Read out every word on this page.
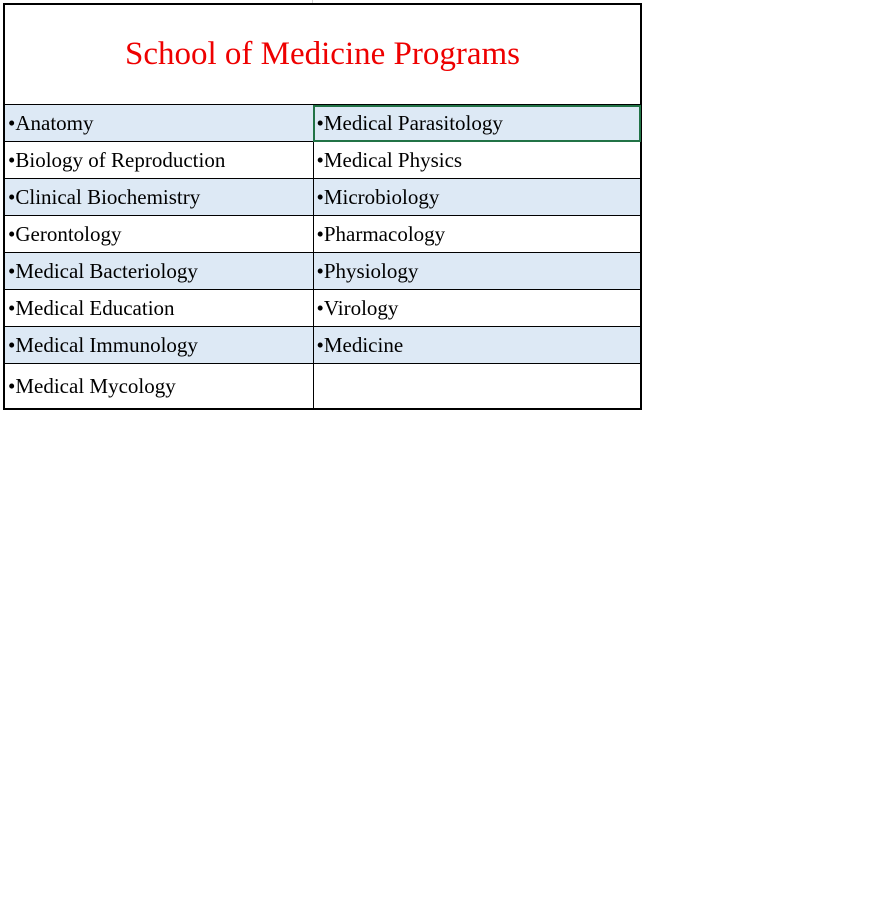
School of Medicine Programs	
•Anatomy	•Medical Parasitology
•Biology of Reproduction	•Medical Physics
•Clinical Biochemistry	•Microbiology
•Gerontology	•Pharmacology
•Medical Bacteriology	•Physiology
•Medical Education	•Virology
•Medical Immunology	•Medicine
•Medical Mycology	
